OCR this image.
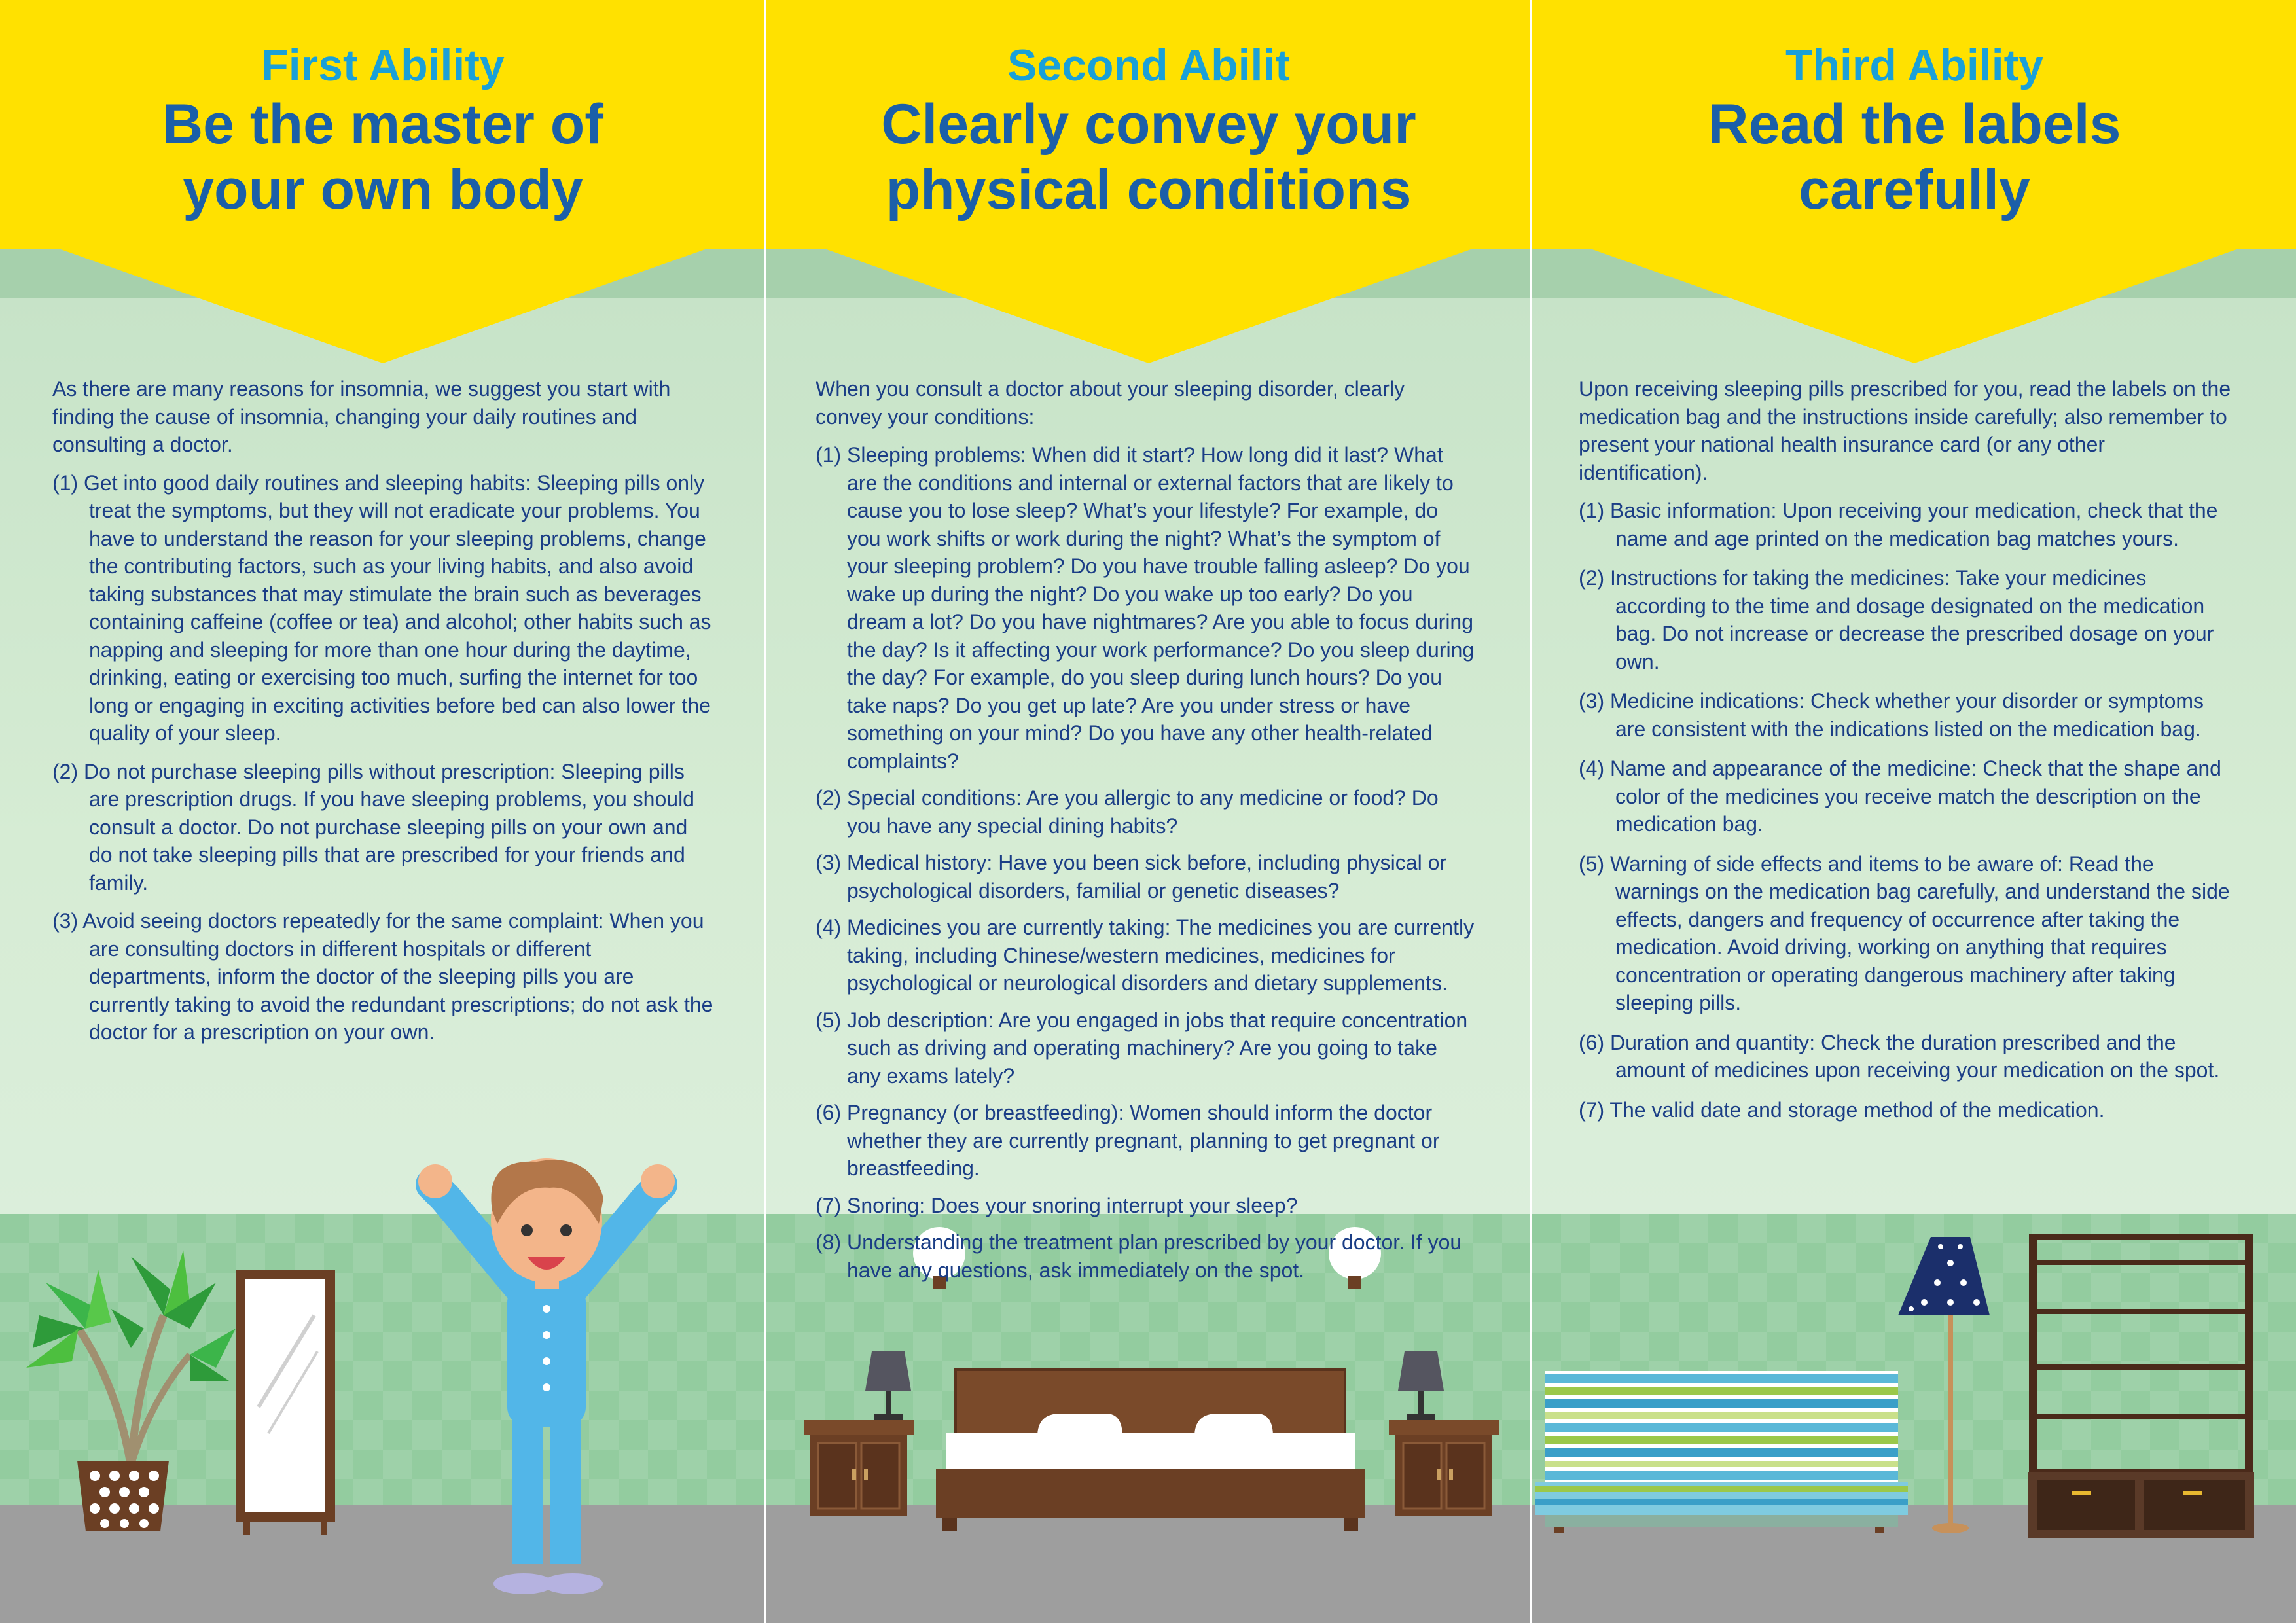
First Ability
Be the master of
your own body

As there are many reasons for insomnia, we suggest you start with finding the cause of insomnia, changing your daily routines and consulting a doctor.

(1) Get into good daily routines and sleeping habits: Sleeping pills only treat the symptoms, but they will not eradicate your problems. You have to understand the reason for your sleeping problems, change the contributing factors, such as your living habits, and also avoid taking substances that may stimulate the brain such as beverages containing caffeine (coffee or tea) and alcohol; other habits such as napping and sleeping for more than one hour during the daytime, drinking, eating or exercising too much, surfing the internet for too long or engaging in exciting activities before bed can also lower the quality of your sleep.

(2) Do not purchase sleeping pills without prescription: Sleeping pills are prescription drugs. If you have sleeping problems, you should consult a doctor. Do not purchase sleeping pills on your own and do not take sleeping pills that are prescribed for your friends and family.

(3) Avoid seeing doctors repeatedly for the same complaint: When you are consulting doctors in different hospitals or different departments, inform the doctor of the sleeping pills you are currently taking to avoid the redundant prescriptions; do not ask the doctor for a prescription on your own.

Second Abilit
Clearly convey your
physical conditions

When you consult a doctor about your sleeping disorder, clearly convey your conditions:

(1) Sleeping problems: When did it start? How long did it last? What are the conditions and internal or external factors that are likely to cause you to lose sleep? What’s your lifestyle? For example, do you work shifts or work during the night? What’s the symptom of your sleeping problem? Do you have trouble falling asleep? Do you wake up during the night? Do you wake up too early? Do you dream a lot? Do you have nightmares? Are you able to focus during the day? Is it affecting your work performance? Do you sleep during the day? For example, do you sleep during lunch hours? Do you take naps? Do you get up late? Are you under stress or have something on your mind? Do you have any other health-related complaints?

(2) Special conditions: Are you allergic to any medicine or food? Do you have any special dining habits?

(3) Medical history: Have you been sick before, including physical or psychological disorders, familial or genetic diseases?

(4) Medicines you are currently taking: The medicines you are currently taking, including Chinese/western medicines, medicines for psychological or neurological disorders and dietary supplements.

(5) Job description: Are you engaged in jobs that require concentration such as driving and operating machinery? Are you going to take any exams lately?

(6) Pregnancy (or breastfeeding): Women should inform the doctor whether they are currently pregnant, planning to get pregnant or breastfeeding.

(7) Snoring: Does your snoring interrupt your sleep?

(8) Understanding the treatment plan prescribed by your doctor. If you have any questions, ask immediately on the spot.

Third Ability
Read the labels
carefully

Upon receiving sleeping pills prescribed for you, read the labels on the medication bag and the instructions inside carefully; also remember to present your national health insurance card (or any other identification).

(1) Basic information: Upon receiving your medication, check that the name and age printed on the medication bag matches yours.

(2) Instructions for taking the medicines: Take your medicines according to the time and dosage designated on the medication bag. Do not increase or decrease the prescribed dosage on your own.

(3) Medicine indications: Check whether your disorder or symptoms are consistent with the indications listed on the medication bag.

(4) Name and appearance of the medicine: Check that the shape and color of the medicines you receive match the description on the medication bag.

(5) Warning of side effects and items to be aware of: Read the warnings on the medication bag carefully, and understand the side effects, dangers and frequency of occurrence after taking the medication. Avoid driving, working on anything that requires concentration or operating dangerous machinery after taking sleeping pills.

(6) Duration and quantity: Check the duration prescribed and the amount of medicines upon receiving your medication on the spot.

(7) The valid date and storage method of the medication.
